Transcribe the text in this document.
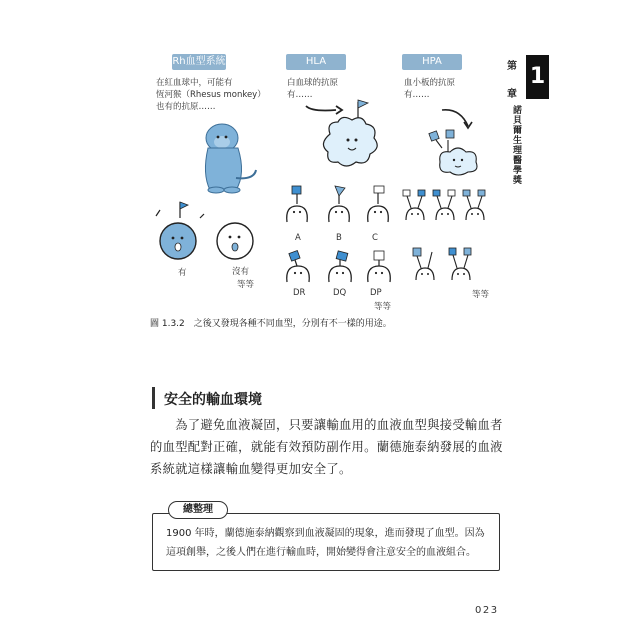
第 1
章
諾貝爾生理醫學獎
Rh血型系統	HLA	HPA
在紅血球中，可能有
恆河猴（Rhesus monkey）
也有的抗原……
白血球的抗原
有……
血小板的抗原
有……
有	沒有
等等
A	B	C
DR	DQ	DP
等等
等等
圖 1.3.2　之後又發現各種不同血型，分別有不一樣的用途。
安全的輸血環境
　　為了避免血液凝固，只要讓輸血用的血液血型與接受輸血者
的血型配對正確，就能有效預防副作用。蘭德施泰納發展的血液
系統就這樣讓輸血變得更加安全了。
總整理
1900 年時，蘭德施泰納觀察到血液凝固的現象，進而發現了血型。因為
這項創舉，之後人們在進行輸血時，開始變得會注意安全的血液組合。
023
